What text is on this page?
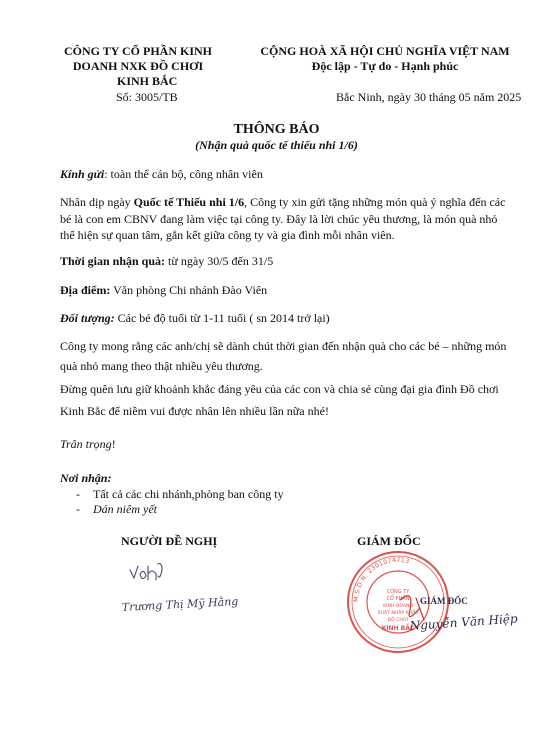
CÔNG TY CỔ PHẦN KINH
DOANH NXK ĐỒ CHƠI
KINH BẮC
Số: 3005/TB
CỘNG HOÀ XÃ HỘI CHỦ NGHĨA VIỆT NAM
Độc lập - Tự do - Hạnh phúc
Bắc Ninh, ngày 30 tháng 05 năm 2025
THÔNG BÁO
(Nhận quà quốc tế thiếu nhi 1/6)
Kính gửi: toàn thể cán bộ, công nhân viên
Nhân dịp ngày Quốc tế Thiếu nhi 1/6, Công ty xin gửi tặng những món quà ý nghĩa đến các
bé là con em CBNV đang làm việc tại công ty. Đây là lời chúc yêu thương, là món quà nhỏ
thể hiện sự quan tâm, gắn kết giữa công ty và gia đình mỗi nhân viên.
Thời gian nhận quà: từ ngày 30/5 đến 31/5
Địa điểm: Văn phòng Chi nhánh Đào Viên
Đối tượng: Các bé độ tuổi từ 1-11 tuổi ( sn 2014 trở lại)
Công ty mong rằng các anh/chị sẽ dành chút thời gian đến nhận quà cho các bé – những món
quà nhỏ mang theo thật nhiều yêu thương.
Đừng quên lưu giữ khoảnh khắc đáng yêu của các con và chia sẻ cùng đại gia đình Đồ chơi
Kinh Bắc để niềm vui được nhân lên nhiều lần nữa nhé!
Trân trọng!
Nơi nhận:
- Tất cả các chi nhánh,phòng ban công ty
- Dán niêm yết
NGƯỜI ĐỀ NGHỊ	GIÁM ĐỐC
Trương Thị Mỹ Hằng	M.S.D.N: 2301074713
CÔNG TY
CỔ PHẦN
KINH DOANH
XUẤT NHẬP KHẨU
ĐỒ CHƠI
KINH BẮC
GIÁM ĐỐC
Nguyễn Văn Hiệp
